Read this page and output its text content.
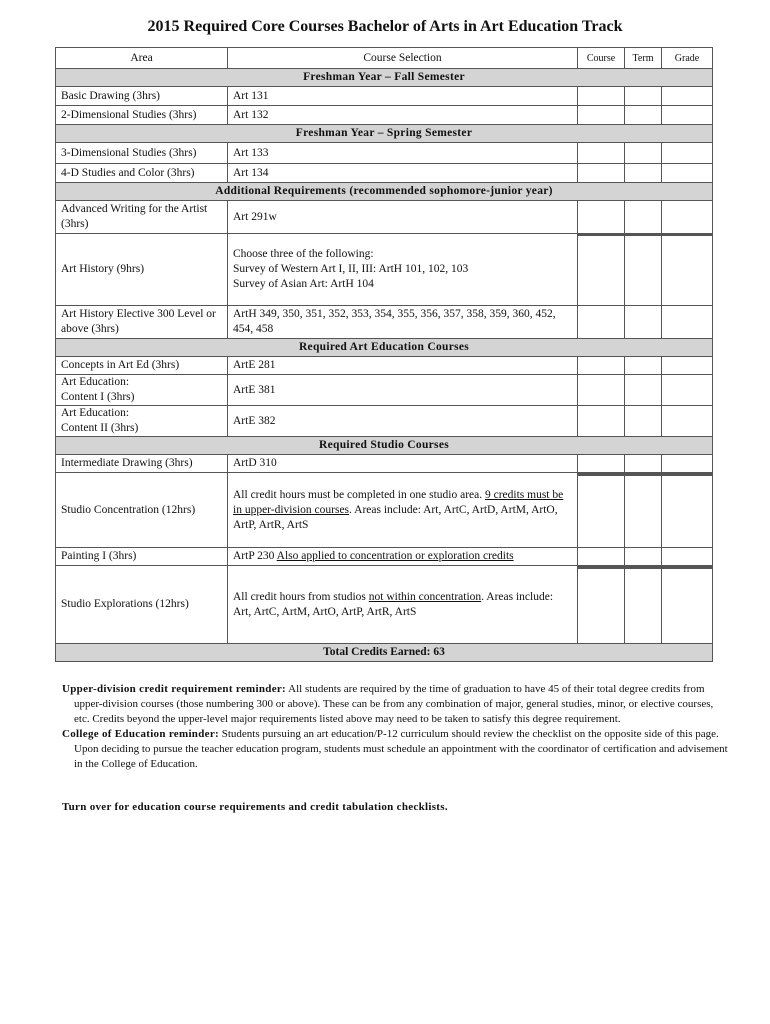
2015 Required Core Courses Bachelor of Arts in Art Education Track
Area	Course Selection	Course	Term	Grade
Freshman Year – Fall Semester				
Basic Drawing (3hrs)	Art 131			
2-Dimensional Studies (3hrs)	Art 132			
Freshman Year – Spring Semester				
3-Dimensional Studies (3hrs)	Art 133			
4-D Studies and Color (3hrs)	Art 134			
Additional Requirements (recommended sophomore-junior year)				
Advanced Writing for the Artist (3hrs)	Art 291w			
Art History (9hrs)	Choose three of the following:
Survey of Western Art I, II, III: ArtH 101, 102, 103
Survey of Asian Art: ArtH 104			

Art History Elective 300 Level or above (3hrs)	ArtH 349, 350, 351, 352, 353, 354, 355, 356, 357, 358, 359, 360, 452, 454, 458			
Required Art Education Courses				
Concepts in Art Ed (3hrs)	ArtE 281			

Art Education:
Content I (3hrs)	ArtE 381			

Art Education:
Content II (3hrs)	ArtE 382			
Required Studio Courses				
Intermediate Drawing (3hrs)	ArtD 310			
Studio Concentration (12hrs)	All credit hours must be completed in one studio area. 9 credits must be in upper-division courses. Areas include: Art, ArtC, ArtD, ArtM, ArtO, ArtP, ArtR, ArtS	

Painting I (3hrs)	ArtP 230 Also applied to concentration or exploration credits			
Studio Explorations (12hrs)	All credit hours from studios not within concentration. Areas include: Art, ArtC, ArtM, ArtO, ArtP, ArtR, ArtS	

Total Credits Earned: 63				

Upper-division credit requirement reminder: All students are required by the time of graduation to have 45 of their total degree credits from upper-division courses (those numbering 300 or above). These can be from any combination of major, general studies, minor, or elective courses, etc. Credits beyond the upper-level major requirements listed above may need to be taken to satisfy this degree requirement.

College of Education reminder: Students pursuing an art education/P-12 curriculum should review the checklist on the opposite side of this page. Upon deciding to pursue the teacher education program, students must schedule an appointment with the coordinator of certification and advisement in the College of Education.

Turn over for education course requirements and credit tabulation checklists.
